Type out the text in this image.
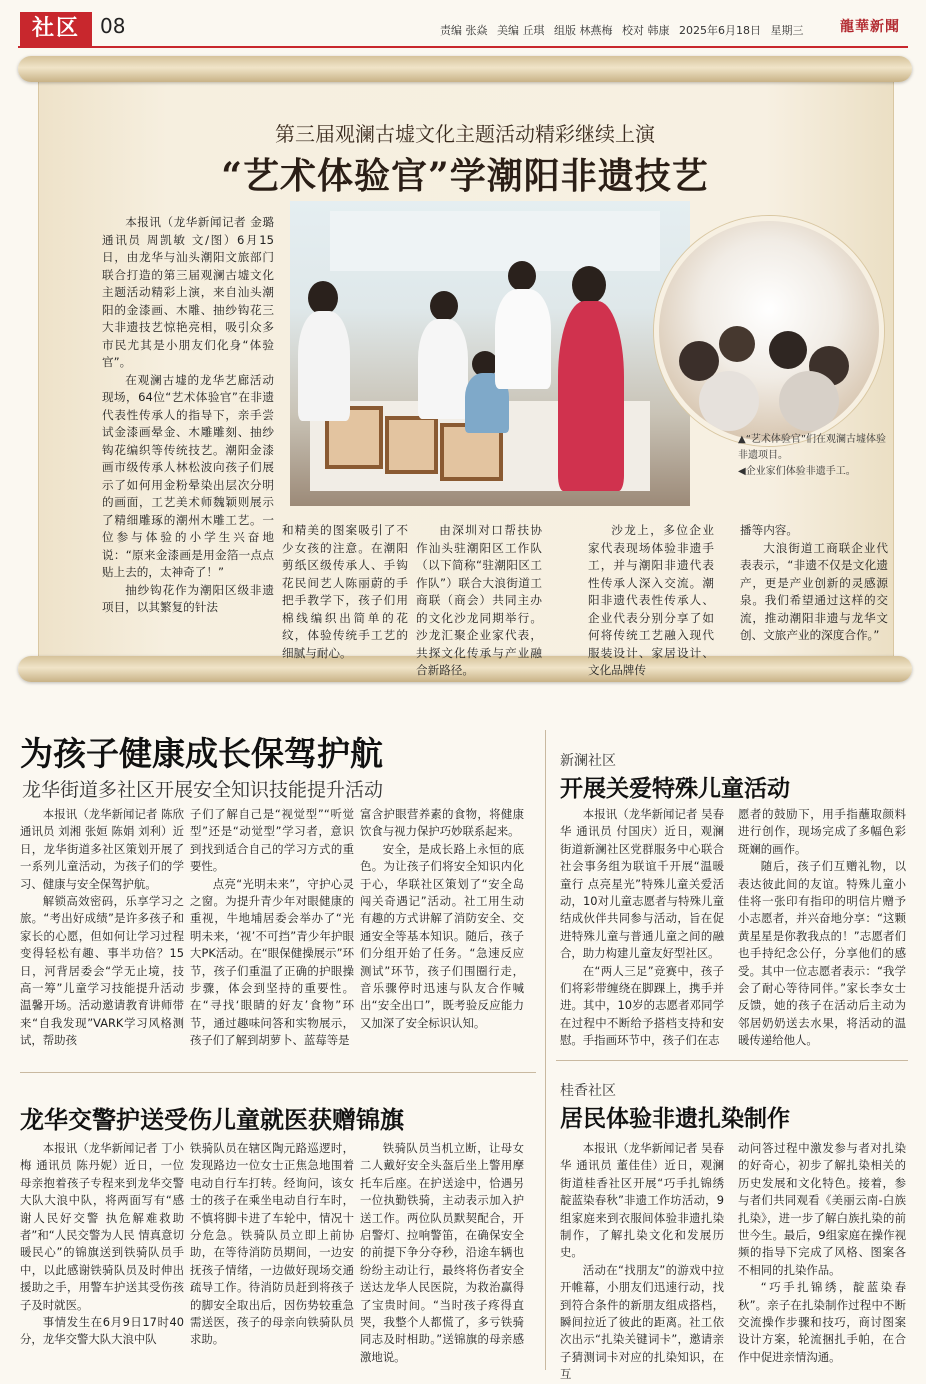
社区	08	责编 张焱 美编 丘琪 组版 林燕梅 校对 韩康 2025年6月18日 星期三	龍華新聞
第三届观澜古墟文化主题活动精彩继续上演
“艺术体验官”学潮阳非遗技艺

本报讯（龙华新闻记者 金璐 通讯员 周凯敏 文/图）6月15日，由龙华与汕头潮阳文旅部门联合打造的第三届观澜古墟文化主题活动精彩上演，来自汕头潮阳的金漆画、木雕、抽纱钩花三大非遗技艺惊艳亮相，吸引众多市民尤其是小朋友们化身“体验官”。

在观澜古墟的龙华艺廊活动现场，64位“艺术体验官”在非遗代表性传承人的指导下，亲手尝试金漆画晕金、木雕雕刻、抽纱钩花编织等传统技艺。潮阳金漆画市级传承人林松波向孩子们展示了如何用金粉晕染出层次分明的画面，工艺美术师魏颖则展示了精细雕琢的潮州木雕工艺。一位参与体验的小学生兴奋地说：“原来金漆画是用金箔一点点贴上去的，太神奇了！”

抽纱钩花作为潮阳区级非遗项目，以其繁复的针法

▲“艺术体验官”们在观澜古墟体验非遗项目。

◀企业家们体验非遗手工。

和精美的图案吸引了不少女孩的注意。在潮阳剪纸区级传承人、手钩花民间艺人陈丽蔚的手把手教学下，孩子们用棉线编织出简单的花纹，体验传统手工艺的细腻与耐心。

由深圳对口帮扶协作汕头驻潮阳区工作队（以下简称“驻潮阳区工作队”）联合大浪街道工商联（商会）共同主办的文化沙龙同期举行。沙龙汇聚企业家代表，共探文化传承与产业融合新路径。

沙龙上，多位企业家代表现场体验非遗手工，并与潮阳非遗代表性传承人深入交流。潮阳非遗代表性传承人、企业代表分别分享了如何将传统工艺融入现代服装设计、家居设计、文化品牌传

播等内容。

大浪街道工商联企业代表表示，“非遗不仅是文化遗产，更是产业创新的灵感源泉。我们希望通过这样的交流，推动潮阳非遗与龙华文创、文旅产业的深度合作。”

为孩子健康成长保驾护航
龙华街道多社区开展安全知识技能提升活动

本报讯（龙华新闻记者 陈欣 通讯员 刘湘 张姮 陈娟 刘利）近日，龙华街道多社区策划开展了一系列儿童活动，为孩子们的学习、健康与安全保驾护航。

解锁高效密码，乐享学习之旅。“考出好成绩”是许多孩子和家长的心愿，但如何让学习过程变得轻松有趣、事半功倍？15日，河背居委会“学无止境，技高一筹”儿童学习技能提升活动温馨开场。活动邀请教育讲师带来“自我发现”VARK学习风格测试，帮助孩

子们了解自己是“视觉型”“听觉型”还是“动觉型”学习者，意识到找到适合自己的学习方式的重要性。

点亮“光明未来”，守护心灵之窗。为提升青少年对眼健康的重视，牛地埔居委会举办了“光明未来，‘视’不可挡”青少年护眼大PK活动。在“眼保健操展示”环节，孩子们重温了正确的护眼操步骤，体会到坚持的重要性。在“寻找‘眼睛的好友’食物”环节，通过趣味问答和实物展示，孩子们了解到胡萝卜、蓝莓等是

富含护眼营养素的食物，将健康饮食与视力保护巧妙联系起来。

安全，是成长路上永恒的底色。为让孩子们将安全知识内化于心，华联社区策划了“安全岛闯关奇遇记”活动。社工用生动有趣的方式讲解了消防安全、交通安全等基本知识。随后，孩子们分组开始了任务。“急速反应测试”环节，孩子们围圈行走，音乐骤停时迅速与队友合作喊出“安全出口”，既考验反应能力又加深了安全标识认知。

新澜社区
开展关爱特殊儿童活动

本报讯（龙华新闻记者 吴春华 通讯员 付国庆）近日，观澜街道新澜社区党群服务中心联合社会事务组为联谊千开展“温暖童行 点亮星光”特殊儿童关爱活动，10对儿童志愿者与特殊儿童结成伙伴共同参与活动，旨在促进特殊儿童与普通儿童之间的融合，助力构建儿童友好型社区。

在“两人三足”竞赛中，孩子们将彩带缠绕在脚踝上，携手并进。其中，10岁的志愿者邓同学在过程中不断给予搭档支持和安慰。手指画环节中，孩子们在志

愿者的鼓励下，用手指蘸取颜料进行创作，现场完成了多幅色彩斑斓的画作。

随后，孩子们互赠礼物，以表达彼此间的友谊。特殊儿童小佳将一张印有指印的明信片赠予小志愿者，并兴奋地分享：“这颗黄星星是你教我点的！”志愿者们也手持纪念公仔，分享他们的感受。其中一位志愿者表示：“我学会了耐心等待同伴。”家长李女士反馈，她的孩子在活动后主动为邻居奶奶送去水果，将活动的温暖传递给他人。

龙华交警护送受伤儿童就医获赠锦旗

本报讯（龙华新闻记者 丁小梅 通讯员 陈丹妮）近日，一位母亲抱着孩子专程来到龙华交警大队大浪中队，将两面写有“感谢人民好交警 执危解难救助者”和“人民交警为人民 情真意切暖民心”的锦旗送到铁骑队员手中，以此感谢铁骑队员及时伸出援助之手，用警车护送其受伤孩子及时就医。

事情发生在6月9日17时40分，龙华交警大队大浪中队

铁骑队员在辖区陶元路巡逻时，发现路边一位女士正焦急地围着电动自行车打转。经询问，该女士的孩子在乘坐电动自行车时，不慎将脚卡进了车轮中，情况十分危急。铁骑队员立即上前协助，在等待消防员期间，一边安抚孩子情绪，一边做好现场交通疏导工作。待消防员赶到将孩子的脚安全取出后，因伤势较重急需送医，孩子的母亲向铁骑队员求助。

铁骑队员当机立断，让母女二人戴好安全头盔后坐上警用摩托车后座。在护送途中，恰遇另一位执勤铁骑，主动表示加入护送工作。两位队员默契配合，开启警灯、拉响警笛，在确保安全的前提下争分夺秒，沿途车辆也纷纷主动让行，最终将伤者安全送达龙华人民医院，为救治赢得了宝贵时间。“当时孩子疼得直哭，我整个人都慌了，多亏铁骑同志及时相助。”送锦旗的母亲感激地说。

桂香社区
居民体验非遗扎染制作

本报讯（龙华新闻记者 吴春华 通讯员 董佳佳）近日，观澜街道桂香社区开展“巧手扎锦绣 靛蓝染春秋”非遗工作坊活动，9组家庭来到衣服间体验非遗扎染制作，了解扎染文化和发展历史。

活动在“找朋友”的游戏中拉开帷幕，小朋友们迅速行动，找到符合条件的新朋友组成搭档，瞬间拉近了彼此的距离。社工依次出示“扎染关键词卡”，邀请亲子猜测词卡对应的扎染知识，在互

动问答过程中激发参与者对扎染的好奇心，初步了解扎染相关的历史发展和文化特色。接着，参与者们共同观看《美丽云南-白族扎染》，进一步了解白族扎染的前世今生。最后，9组家庭在操作视频的指导下完成了风格、图案各不相同的扎染作品。

“巧手扎锦绣，靛蓝染春秋”。亲子在扎染制作过程中不断交流操作步骤和技巧，商讨图案设计方案，轮流捆扎手帕，在合作中促进亲情沟通。
